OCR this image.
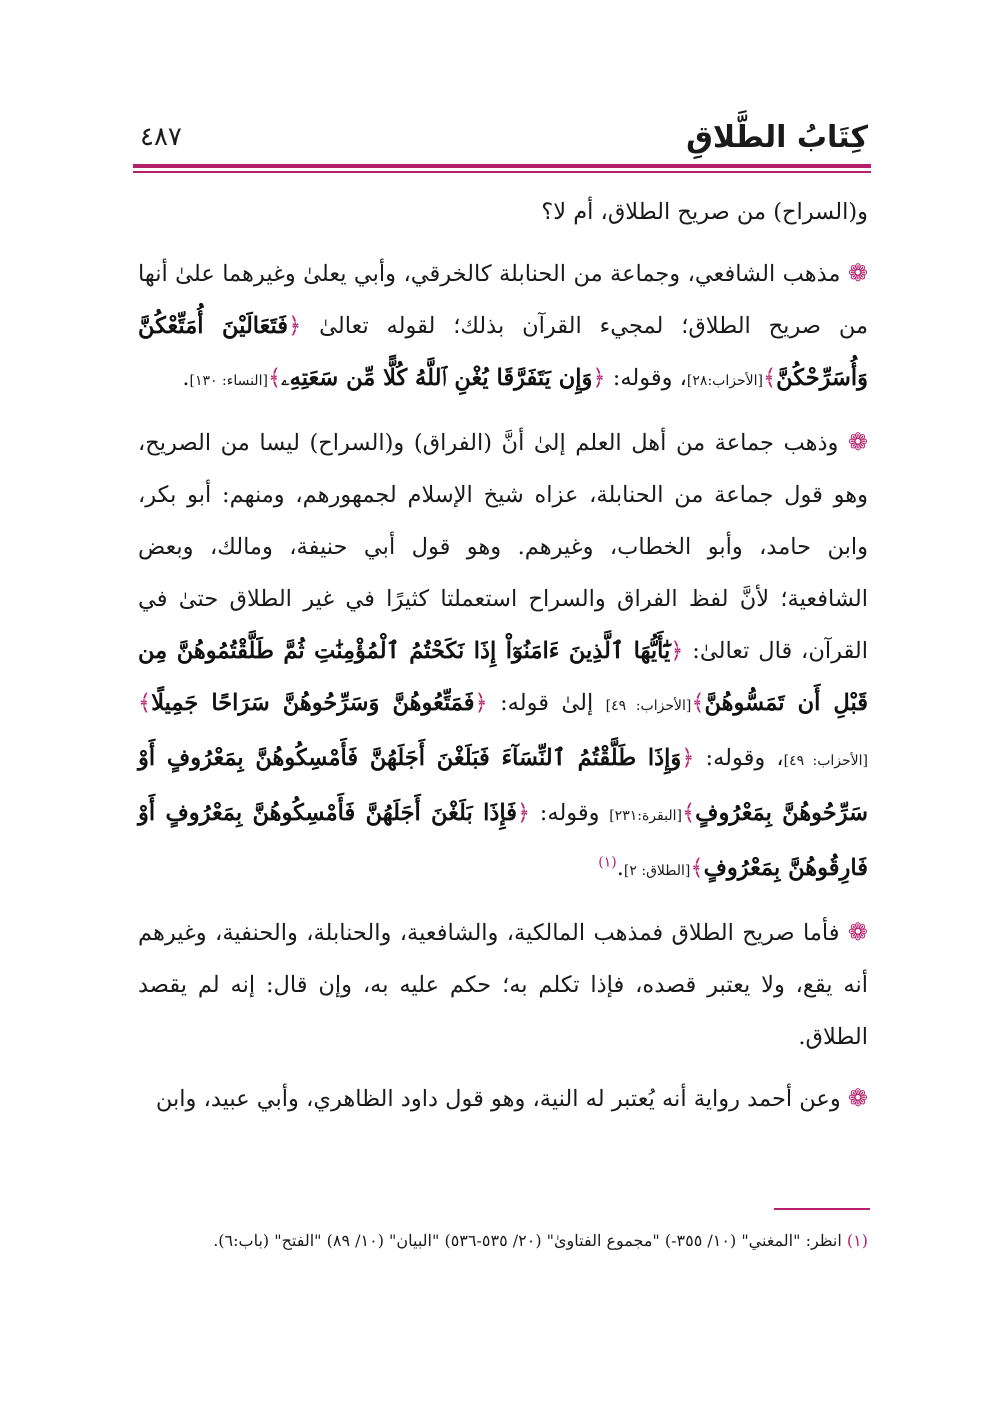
كِتَابُ الطَّلاقِ
٤٨٧

و(السراح) من صريح الطلاق، أم لا؟

❁ مذهب الشافعي، وجماعة من الحنابلة كالخرقي، وأبي يعلىٰ وغيرهما علىٰ أنها من صريح الطلاق؛ لمجيء القرآن بذلك؛ لقوله تعالىٰ ﴿فَتَعَالَيْنَ أُمَتِّعْكُنَّ وَأُسَرِّحْكُنَّ﴾[الأحزاب:٢٨]، وقوله: ﴿وَإِن يَتَفَرَّقَا يُغْنِ ٱللَّهُ كُلًّا مِّن سَعَتِهِۦ﴾[النساء: ١٣٠].

❁ وذهب جماعة من أهل العلم إلىٰ أنَّ (الفراق) و(السراح) ليسا من الصريح، وهو قول جماعة من الحنابلة، عزاه شيخ الإسلام لجمهورهم، ومنهم: أبو بكر، وابن حامد، وأبو الخطاب، وغيرهم. وهو قول أبي حنيفة، ومالك، وبعض الشافعية؛ لأنَّ لفظ الفراق والسراح استعملتا كثيرًا في غير الطلاق حتىٰ في القرآن، قال تعالىٰ: ﴿يَٰٓأَيُّهَا ٱلَّذِينَ ءَامَنُوٓاْ إِذَا نَكَحْتُمُ ٱلْمُؤْمِنَٰتِ ثُمَّ طَلَّقْتُمُوهُنَّ مِن قَبْلِ أَن تَمَسُّوهُنَّ﴾[الأحزاب: ٤٩] إلىٰ قوله: ﴿فَمَتِّعُوهُنَّ وَسَرِّحُوهُنَّ سَرَاحًا جَمِيلًا﴾[الأحزاب: ٤٩]، وقوله: ﴿وَإِذَا طَلَّقْتُمُ ٱلنِّسَآءَ فَبَلَغْنَ أَجَلَهُنَّ فَأَمْسِكُوهُنَّ بِمَعْرُوفٍ أَوْ سَرِّحُوهُنَّ بِمَعْرُوفٍ﴾[البقرة:٢٣١] وقوله: ﴿فَإِذَا بَلَغْنَ أَجَلَهُنَّ فَأَمْسِكُوهُنَّ بِمَعْرُوفٍ أَوْ فَارِقُوهُنَّ بِمَعْرُوفٍ﴾[الطلاق: ٢].$^{(١)}$

❁ فأما صريح الطلاق فمذهب المالكية، والشافعية، والحنابلة، والحنفية، وغيرهم أنه يقع، ولا يعتبر قصده، فإذا تكلم به؛ حكم عليه به، وإن قال: إنه لم يقصد الطلاق.

❁ وعن أحمد رواية أنه يُعتبر له النية، وهو قول داود الظاهري، وأبي عبيد، وابن

(١) انظر: "المغني" (١٠/ ٣٥٥-) "مجموع الفتاوىٰ" (٢٠/ ٥٣٥-٥٣٦) "البيان" (١٠/ ٨٩) "الفتح" (باب:٦).
